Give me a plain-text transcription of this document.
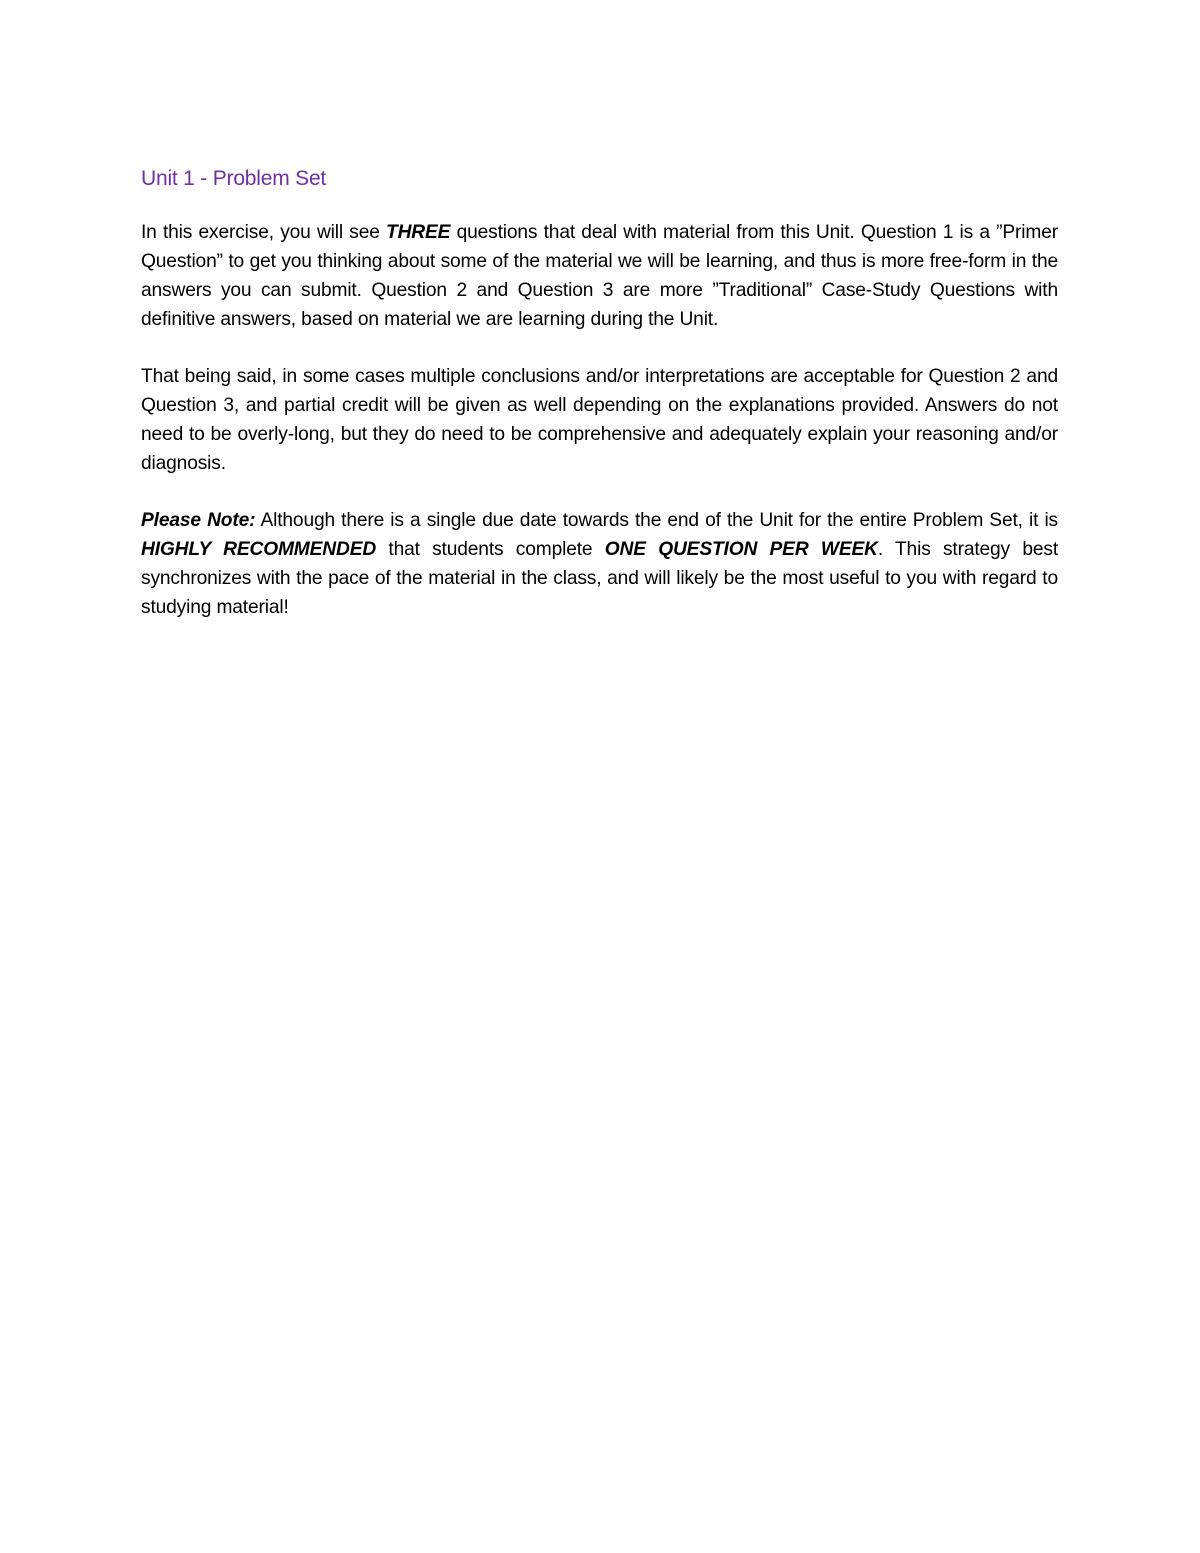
Unit 1 - Problem Set

In this exercise, you will see THREE questions that deal with material from this Unit. Question 1 is a ”Primer Question” to get you thinking about some of the material we will be learning, and thus is more free-form in the answers you can submit. Question 2 and Question 3 are more ”Traditional” Case-Study Questions with definitive answers, based on material we are learning during the Unit.

That being said, in some cases multiple conclusions and/or interpretations are acceptable for Question 2 and Question 3, and partial credit will be given as well depending on the explanations provided. Answers do not need to be overly-long, but they do need to be comprehensive and adequately explain your reasoning and/or diagnosis.

Please Note: Although there is a single due date towards the end of the Unit for the entire Problem Set, it is HIGHLY RECOMMENDED that students complete ONE QUESTION PER WEEK. This strategy best synchronizes with the pace of the material in the class, and will likely be the most useful to you with regard to studying material!
